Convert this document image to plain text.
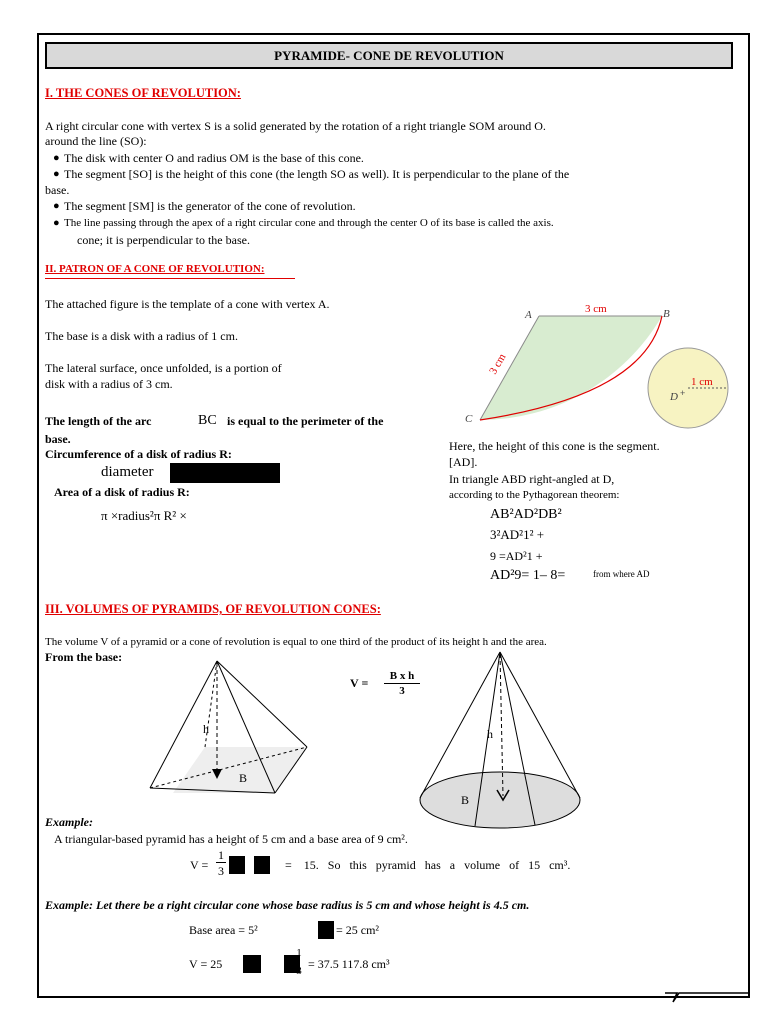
PYRAMIDE- CONE DE REVOLUTION
I. THE CONES OF REVOLUTION:
A right circular cone with vertex S is a solid generated by the rotation of a right triangle SOM around O.
around the line (SO):
● The disk with center O and radius OM is the base of this cone.
● The segment [SO] is the height of this cone (the length SO as well). It is perpendicular to the plane of the
base.
● The segment [SM] is the generator of the cone of revolution.
● The line passing through the apex of a right circular cone and through the center O of its base is called the axis.
cone; it is perpendicular to the base.
II. PATRON OF A CONE OF REVOLUTION:
The attached figure is the template of a cone with vertex A.
The base is a disk with a radius of 1 cm.
The lateral surface, once unfolded, is a portion of
disk with a radius of 3 cm.
The length of the arc	BC is equal to the perimeter of the
base.
Circumference of a disk of radius R:
diameter
Area of a disk of radius R:
π ×radius²π R² ×
+
A	B
C
D
3 cm
3 cm
1 cm
Here, the height of this cone is the segment.
[AD].
In triangle ABD right-angled at D,
according to the Pythagorean theorem:
AB²AD²DB²
3²AD²1² +
9 =AD²1 +
AD²9= 1– 8=	from where AD
III. VOLUMES OF PYRAMIDS, OF REVOLUTION CONES:
The volume V of a pyramid or a cone of revolution is equal to one third of the product of its height h and the area.
From the base:
V =	B x h
3
h
B
h
B
Example:
A triangular-based pyramid has a height of 5 cm and a base area of 9 cm².
V =
1
3	=    15.   So   this   pyramid   has   a   volume   of   15   cm³.
Example: Let there be a right circular cone whose base radius is 5 cm and whose height is 4.5 cm.
Base area = 5²	= 25 cm²
V = 25
1
3 = 37.5 117.8 cm³
